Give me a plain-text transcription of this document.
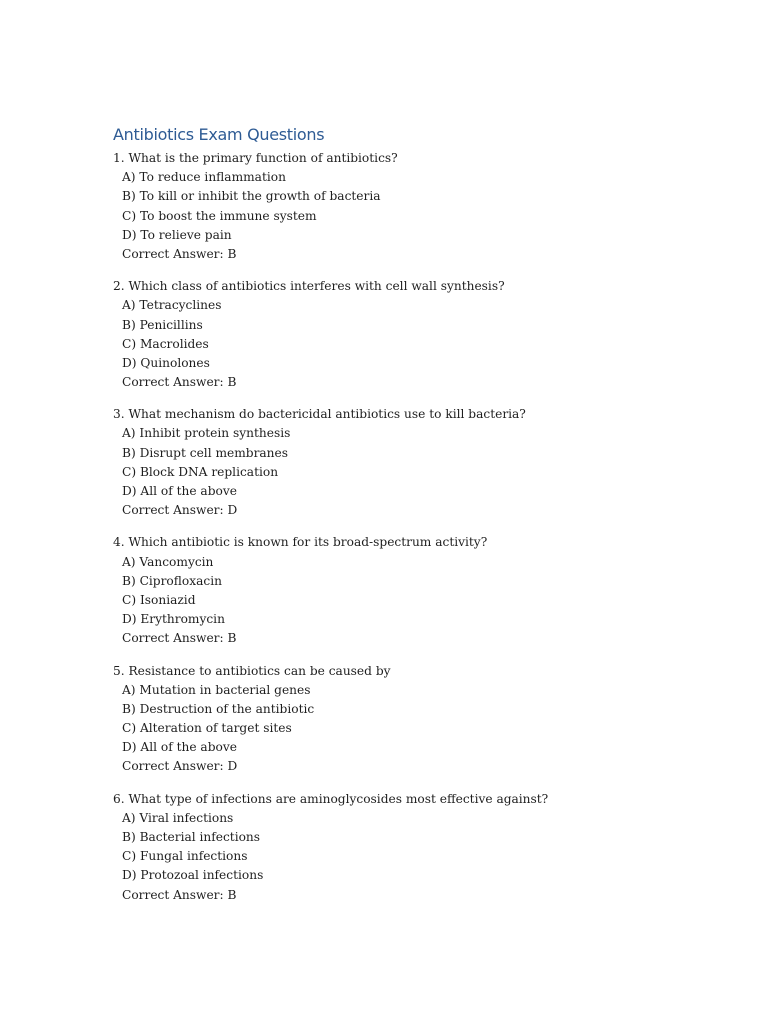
Antibiotics Exam Questions
1. What is the primary function of antibiotics?
A) To reduce inflammation
B) To kill or inhibit the growth of bacteria
C) To boost the immune system
D) To relieve pain
Correct Answer: B
2. Which class of antibiotics interferes with cell wall synthesis?
A) Tetracyclines
B) Penicillins
C) Macrolides
D) Quinolones
Correct Answer: B
3. What mechanism do bactericidal antibiotics use to kill bacteria?
A) Inhibit protein synthesis
B) Disrupt cell membranes
C) Block DNA replication
D) All of the above
Correct Answer: D
4. Which antibiotic is known for its broad-spectrum activity?
A) Vancomycin
B) Ciprofloxacin
C) Isoniazid
D) Erythromycin
Correct Answer: B
5. Resistance to antibiotics can be caused by
A) Mutation in bacterial genes
B) Destruction of the antibiotic
C) Alteration of target sites
D) All of the above
Correct Answer: D
6. What type of infections are aminoglycosides most effective against?
A) Viral infections
B) Bacterial infections
C) Fungal infections
D) Protozoal infections
Correct Answer: B
